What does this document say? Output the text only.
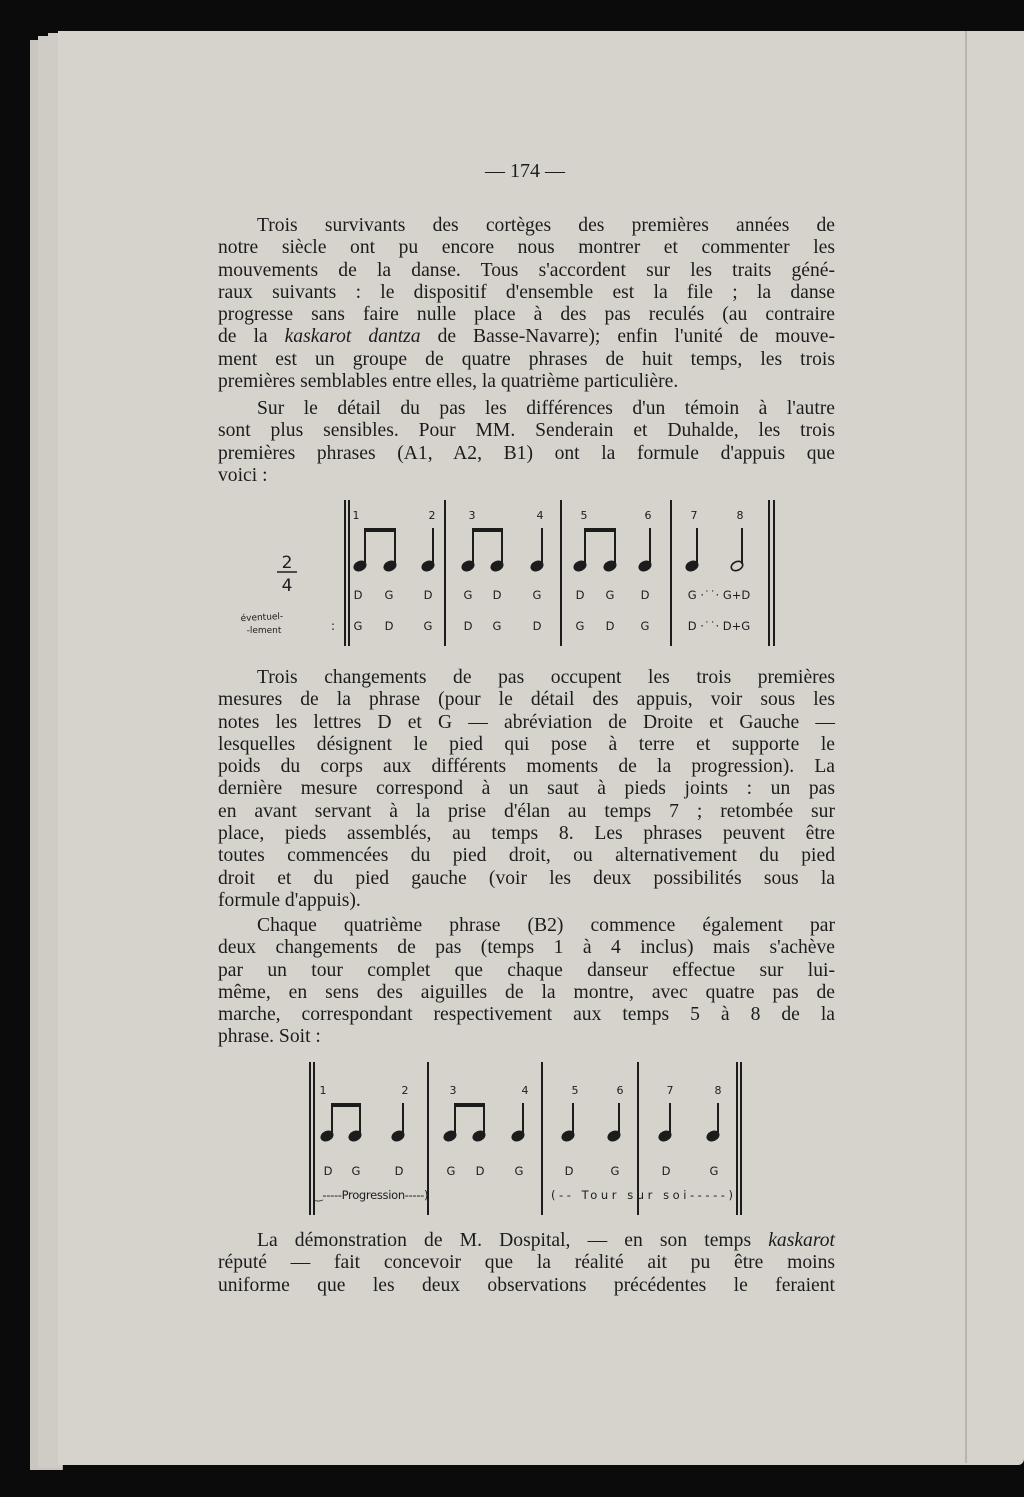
— 174 —
Trois survivants des cortèges des premières années de
notre siècle ont pu encore nous montrer et commenter les
mouvements de la danse. Tous s'accordent sur les traits géné-
raux suivants : le dispositif d'ensemble est la file ; la danse
progresse sans faire nulle place à des pas reculés (au contraire
de la kaskarot dantza de Basse-Navarre); enfin l'unité de mouve-
ment est un groupe de quatre phrases de huit temps, les trois
premières semblables entre elles, la quatrième particulière.
Sur le détail du pas les différences d'un témoin à l'autre
sont plus sensibles. Pour MM. Senderain et Duhalde, les trois
premières phrases (A1, A2, B1) ont la formule d'appuis que
voici :
Trois changements de pas occupent les trois premières
mesures de la phrase (pour le détail des appuis, voir sous les
notes les lettres D et G — abréviation de Droite et Gauche —
lesquelles désignent le pied qui pose à terre et supporte le
poids du corps aux différents moments de la progression). La
dernière mesure correspond à un saut à pieds joints : un pas
en avant servant à la prise d'élan au temps 7 ; retombée sur
place, pieds assemblés, au temps 8. Les phrases peuvent être
toutes commencées du pied droit, ou alternativement du pied
droit et du pied gauche (voir les deux possibilités sous la
formule d'appuis).
Chaque quatrième phrase (B2) commence également par
deux changements de pas (temps 1 à 4 inclus) mais s'achève
par un tour complet que chaque danseur effectue sur lui-
même, en sens des aiguilles de la montre, avec quatre pas de
marche, correspondant respectivement aux temps 5 à 8 de la
phrase. Soit :
La démonstration de M. Dospital, — en son temps kaskarot
réputé — fait concevoir que la réalité ait pu être moins
uniforme que les deux observations précédentes le feraient
2
4
éventuel-
-lement	:
1	2	3	4	5	6	7	8
D G	D	G D	G	D G D	G ·˙˙· G+D
G D	G	D G	D	G D G	D ·˙˙· D+G
1	2	3	4	5	6	7	8
D G	D	G D	G	D	G	D	G
‿-----Progression-----)	(-- Tour sur soi-----)
